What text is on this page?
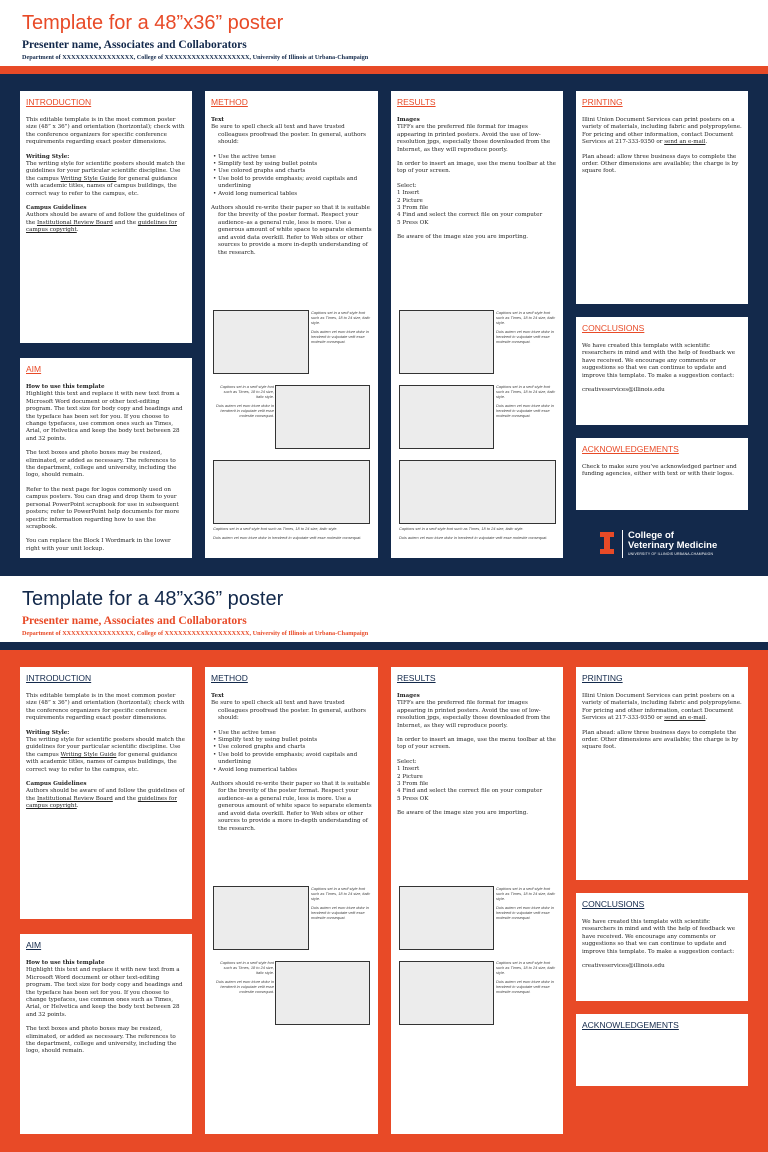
Template for a 48”x36” poster
Presenter name, Associates and Collaborators
Department of XXXXXXXXXXXXXXXX, College of XXXXXXXXXXXXXXXXXXX, University of Illinois at Urbana-Champaign
INTRODUCTION
This editable template is in the most common poster size (48” x 36”) and orientation (horizontal); check with the conference organizers for specific conference requirements regarding exact poster dimensions.
Writing Style:
The writing style for scientific posters should match the guidelines for your particular scientific discipline. Use the campus Writing Style Guide for general guidance with academic titles, names of campus buildings, the correct way to refer to the campus, etc.
Campus Guidelines
Authors should be aware of and follow the guidelines of the Institutional Review Board and the guidelines for campus copyright.
AIM
How to use this template
Highlight this text and replace it with new text from a Microsoft Word document or other text-editing program. The text size for body copy and headings and the typeface has been set for you. If you choose to change typefaces, use common ones such as Times, Arial, or Helvetica and keep the body text between 28 and 32 points.
The text boxes and photo boxes may be resized, eliminated, or added as necessary. The references to the department, college and university, including the logo, should remain.
Refer to the next page for logos commonly used on campus posters. You can drag and drop them to your personal PowerPoint scrapbook for use in subsequent posters; refer to PowerPoint help documents for more specific information regarding how to use the scrapbook.
You can replace the Block I Wordmark in the lower right with your unit lockup.
METHOD
Text
Be sure to spell check all text and have trusted colleagues proofread the poster. In general, authors should:
• Use the active tense
• Simplify text by using bullet points
• Use colored graphs and charts
• Use bold to provide emphasis; avoid capitals and underlining
• Avoid long numerical tables
Authors should re-write their paper so that it is suitable for the brevity of the poster format. Respect your audience–as a general rule, less is more. Use a generous amount of white space to separate elements and avoid data overkill. Refer to Web sites or other sources to provide a more in-depth understanding of the research.
Captions set in a serif style font such as Times, 18 to 24 size, italic style.
Duis autem vel eum iriure dolor in hendrerit in vulputate velit esse molestie consequat.
Captions set in a serif style font such as Times, 18 to 24 size, italic style.
Duis autem vel eum iriure dolor in hendrerit in vulputate velit esse molestie consequat.
Captions set in a serif style font such as Times, 18 to 24 size, italic style.
Duis autem vel eum iriure dolor in hendrerit in vulputate velit esse molestie consequat.
RESULTS
Images
TIFFs are the preferred file format for images appearing in printed posters. Avoid the use of low-resolution jpgs, especially those downloaded from the Internet, as they will reproduce poorly.
In order to insert an image, use the menu toolbar at the top of your screen.
Select:
1 Insert
2 Picture
3 From file
4 Find and select the correct file on your computer
5 Press OK
Be aware of the image size you are importing.
Captions set in a serif style font such as Times, 18 to 24 size, italic style.
Duis autem vel eum iriure dolor in hendrerit in vulputate velit esse molestie consequat.
Captions set in a serif style font such as Times, 18 to 24 size, italic style.
Duis autem vel eum iriure dolor in hendrerit in vulputate velit esse molestie consequat.
Captions set in a serif style font such as Times, 18 to 24 size, italic style.
Duis autem vel eum iriure dolor in hendrerit in vulputate velit esse molestie consequat.
PRINTING
Illini Union Document Services can print posters on a variety of materials, including fabric and polypropylene. For pricing and other information, contact Document Services at 217-333-9350 or send an e-mail.
Plan ahead: allow three business days to complete the order. Other dimensions are available; the charge is by square foot.
CONCLUSIONS
We have created this template with scientific researchers in mind and with the help of feedback we have received. We encourage any comments or suggestions so that we can continue to update and improve this template. To make a suggestion contact:
creativeservices@illinois.edu
ACKNOWLEDGEMENTS
Check to make sure you’ve acknowledged partner and funding agencies, either with text or with their logos.
College of
Veterinary Medicine
UNIVERSITY OF ILLINOIS URBANA-CHAMPAIGN
Template for a 48”x36” poster
Presenter name, Associates and Collaborators
Department of XXXXXXXXXXXXXXXX, College of XXXXXXXXXXXXXXXXXXX, University of Illinois at Urbana-Champaign
INTRODUCTION
This editable template is in the most common poster size (48” x 36”) and orientation (horizontal); check with the conference organizers for specific conference requirements regarding exact poster dimensions.
Writing Style:
The writing style for scientific posters should match the guidelines for your particular scientific discipline. Use the campus Writing Style Guide for general guidance with academic titles, names of campus buildings, the correct way to refer to the campus, etc.
Campus Guidelines
Authors should be aware of and follow the guidelines of the Institutional Review Board and the guidelines for campus copyright.
AIM
How to use this template
Highlight this text and replace it with new text from a Microsoft Word document or other text-editing program. The text size for body copy and headings and the typeface has been set for you. If you choose to change typefaces, use common ones such as Times, Arial, or Helvetica and keep the body text between 28 and 32 points.
The text boxes and photo boxes may be resized, eliminated, or added as necessary. The references to the department, college and university, including the logo, should remain.
METHOD
Text
Be sure to spell check all text and have trusted colleagues proofread the poster. In general, authors should:
• Use the active tense
• Simplify text by using bullet points
• Use colored graphs and charts
• Use bold to provide emphasis; avoid capitals and underlining
• Avoid long numerical tables
Authors should re-write their paper so that it is suitable for the brevity of the poster format. Respect your audience–as a general rule, less is more. Use a generous amount of white space to separate elements and avoid data overkill. Refer to Web sites or other sources to provide a more in-depth understanding of the research.
Captions set in a serif style font such as Times, 18 to 24 size, italic style.
Duis autem vel eum iriure dolor in hendrerit in vulputate velit esse molestie consequat.
Captions set in a serif style font such as Times, 18 to 24 size, italic style.
Duis autem vel eum iriure dolor in hendrerit in vulputate velit esse molestie consequat.
RESULTS
Images
TIFFs are the preferred file format for images appearing in printed posters. Avoid the use of low-resolution jpgs, especially those downloaded from the Internet, as they will reproduce poorly.
In order to insert an image, use the menu toolbar at the top of your screen.
Select:
1 Insert
2 Picture
3 From file
4 Find and select the correct file on your computer
5 Press OK
Be aware of the image size you are importing.
Captions set in a serif style font such as Times, 18 to 24 size, italic style.
Duis autem vel eum iriure dolor in hendrerit in vulputate velit esse molestie consequat.
Captions set in a serif style font such as Times, 18 to 24 size, italic style.
Duis autem vel eum iriure dolor in hendrerit in vulputate velit esse molestie consequat.
PRINTING
Illini Union Document Services can print posters on a variety of materials, including fabric and polypropylene. For pricing and other information, contact Document Services at 217-333-9350 or send an e-mail.
Plan ahead: allow three business days to complete the order. Other dimensions are available; the charge is by square foot.
CONCLUSIONS
We have created this template with scientific researchers in mind and with the help of feedback we have received. We encourage any comments or suggestions so that we can continue to update and improve this template. To make a suggestion contact:
creativeservices@illinois.edu
ACKNOWLEDGEMENTS
